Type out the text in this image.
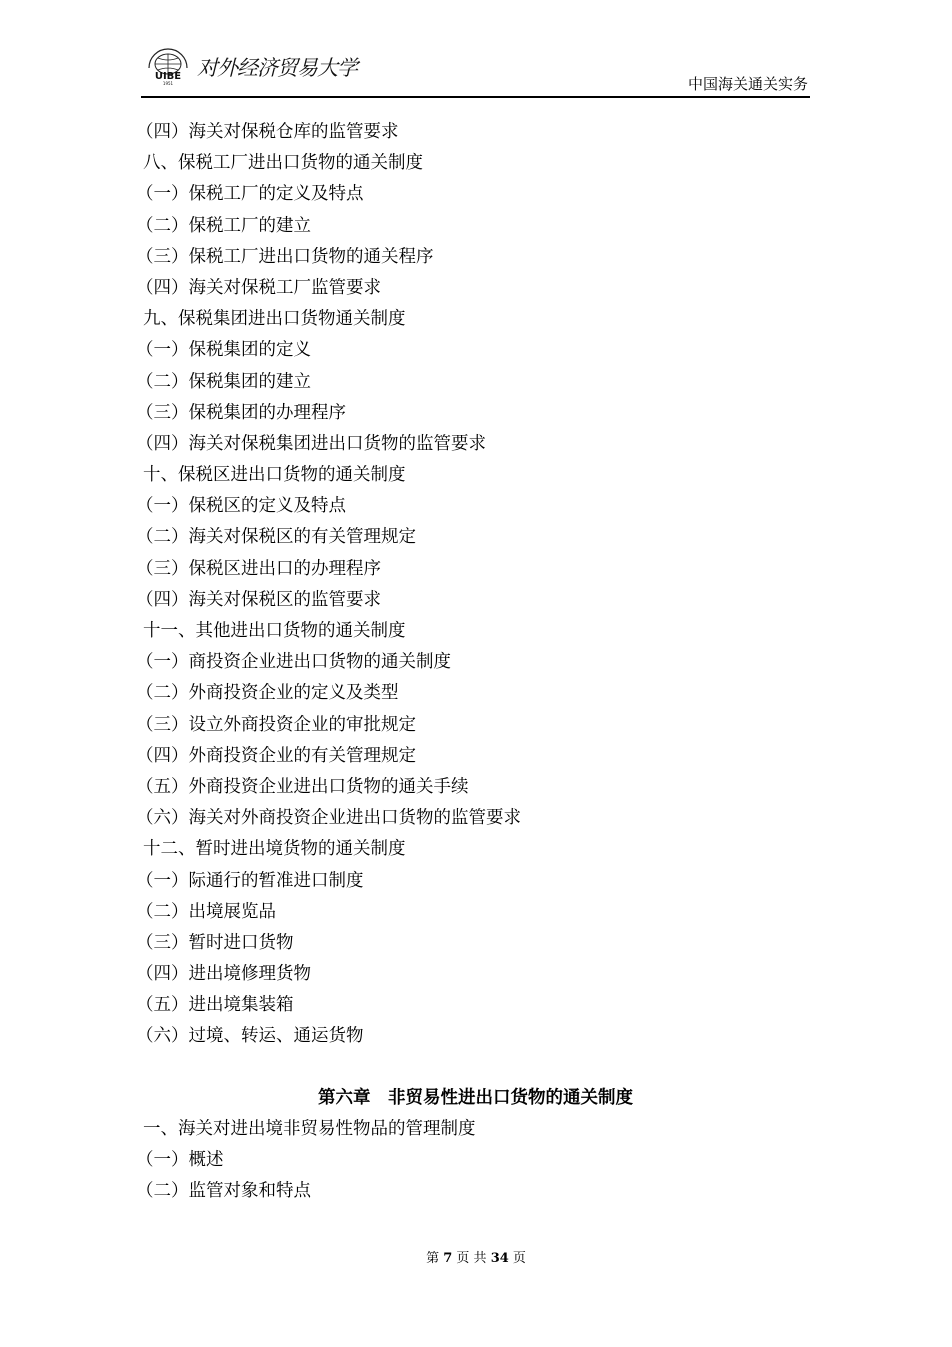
UIBE
1951
对外经济贸易大学
中国海关通关实务
（四）海关对保税仓库的监管要求
八、保税工厂进出口货物的通关制度
（一）保税工厂的定义及特点
（二）保税工厂的建立
（三）保税工厂进出口货物的通关程序
（四）海关对保税工厂监管要求
九、保税集团进出口货物通关制度
（一）保税集团的定义
（二）保税集团的建立
（三）保税集团的办理程序
（四）海关对保税集团进出口货物的监管要求
十、保税区进出口货物的通关制度
（一）保税区的定义及特点
（二）海关对保税区的有关管理规定
（三）保税区进出口的办理程序
（四）海关对保税区的监管要求
十一、其他进出口货物的通关制度
（一）商投资企业进出口货物的通关制度
（二）外商投资企业的定义及类型
（三）设立外商投资企业的审批规定
（四）外商投资企业的有关管理规定
（五）外商投资企业进出口货物的通关手续
（六）海关对外商投资企业进出口货物的监管要求
十二、暂时进出境货物的通关制度
（一）际通行的暂准进口制度
（二）出境展览品
（三）暂时进口货物
（四）进出境修理货物
（五）进出境集装箱
（六）过境、转运、通运货物
第六章　非贸易性进出口货物的通关制度
一、海关对进出境非贸易性物品的管理制度
（一）概述
（二）监管对象和特点
第 7 页 共 34 页
